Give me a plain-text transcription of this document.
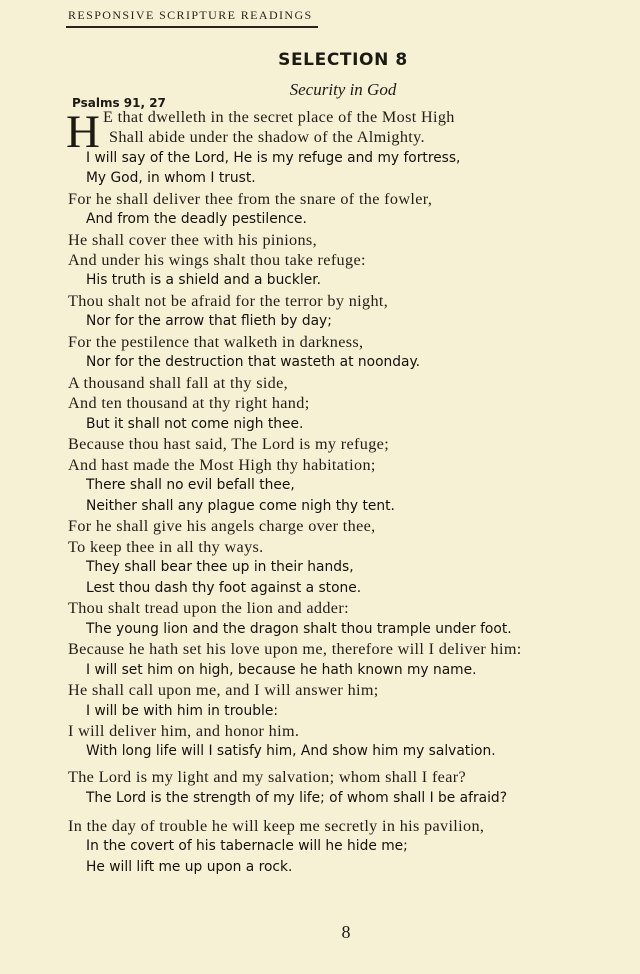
RESPONSIVE SCRIPTURE READINGS
SELECTION 8
Security in God
Psalms 91, 27
H E that dwelleth in the secret place of the Most High
Shall abide under the shadow of the Almighty.
I will say of the Lord, He is my refuge and my fortress,
My God, in whom I trust.
For he shall deliver thee from the snare of the fowler,
And from the deadly pestilence.
He shall cover thee with his pinions,
And under his wings shalt thou take refuge:
His truth is a shield and a buckler.
Thou shalt not be afraid for the terror by night,
Nor for the arrow that flieth by day;
For the pestilence that walketh in darkness,
Nor for the destruction that wasteth at noonday.
A thousand shall fall at thy side,
And ten thousand at thy right hand;
But it shall not come nigh thee.
Because thou hast said, The Lord is my refuge;
And hast made the Most High thy habitation;
There shall no evil befall thee,
Neither shall any plague come nigh thy tent.
For he shall give his angels charge over thee,
To keep thee in all thy ways.
They shall bear thee up in their hands,
Lest thou dash thy foot against a stone.
Thou shalt tread upon the lion and adder:
The young lion and the dragon shalt thou trample under foot.
Because he hath set his love upon me, therefore will I deliver him:
I will set him on high, because he hath known my name.
He shall call upon me, and I will answer him;
I will be with him in trouble:
I will deliver him, and honor him.
With long life will I satisfy him, And show him my salvation.
The Lord is my light and my salvation; whom shall I fear?
The Lord is the strength of my life; of whom shall I be afraid?
In the day of trouble he will keep me secretly in his pavilion,
In the covert of his tabernacle will he hide me;
He will lift me up upon a rock.
8
